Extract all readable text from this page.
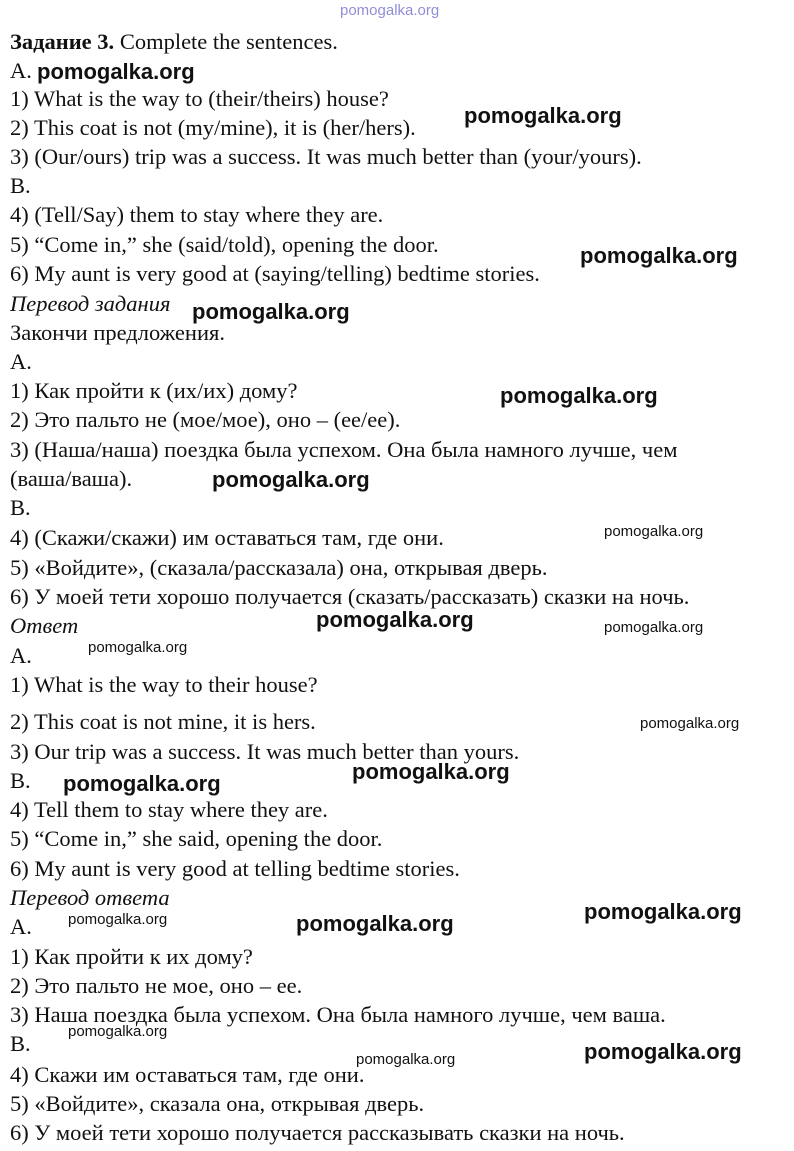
Задание 3. Complete the sentences.
A.
1) What is the way to (their/theirs) house?
2) This coat is not (my/mine), it is (her/hers).
3) (Our/ours) trip was a success. It was much better than (your/yours).
B.
4) (Tell/Say) them to stay where they are.
5) “Come in,” she (said/told), opening the door.
6) My aunt is very good at (saying/telling) bedtime stories.
Перевод задания
Закончи предложения.
A.
1) Как пройти к (их/их) дому?
2) Это пальто не (мое/мое), оно – (ее/ее).
3) (Наша/наша) поездка была успехом. Она была намного лучше, чем
(ваша/ваша).
B.
4) (Скажи/скажи) им оставаться там, где они.
5) «Войдите», (сказала/рассказала) она, открывая дверь.
6) У моей тети хорошо получается (сказать/рассказать) сказки на ночь.
Ответ
A.
1) What is the way to their house?
2) This coat is not mine, it is hers.
3) Our trip was a success. It was much better than yours.
B.
4) Tell them to stay where they are.
5) “Come in,” she said, opening the door.
6) My aunt is very good at telling bedtime stories.
Перевод ответа
A.
1) Как пройти к их дому?
2) Это пальто не мое, оно – ее.
3) Наша поездка была успехом. Она была намного лучше, чем ваша.
B.
4) Скажи им оставаться там, где они.
5) «Войдите», сказала она, открывая дверь.
6) У моей тети хорошо получается рассказывать сказки на ночь.
pomogalka.org
pomogalka.org
pomogalka.org
pomogalka.org
pomogalka.org
pomogalka.org
pomogalka.org
pomogalka.org
pomogalka.org	pomogalka.org
pomogalka.org
pomogalka.org
pomogalka.org
pomogalka.org
pomogalka.org
pomogalka.org	pomogalka.org
pomogalka.org
pomogalka.org
pomogalka.org
